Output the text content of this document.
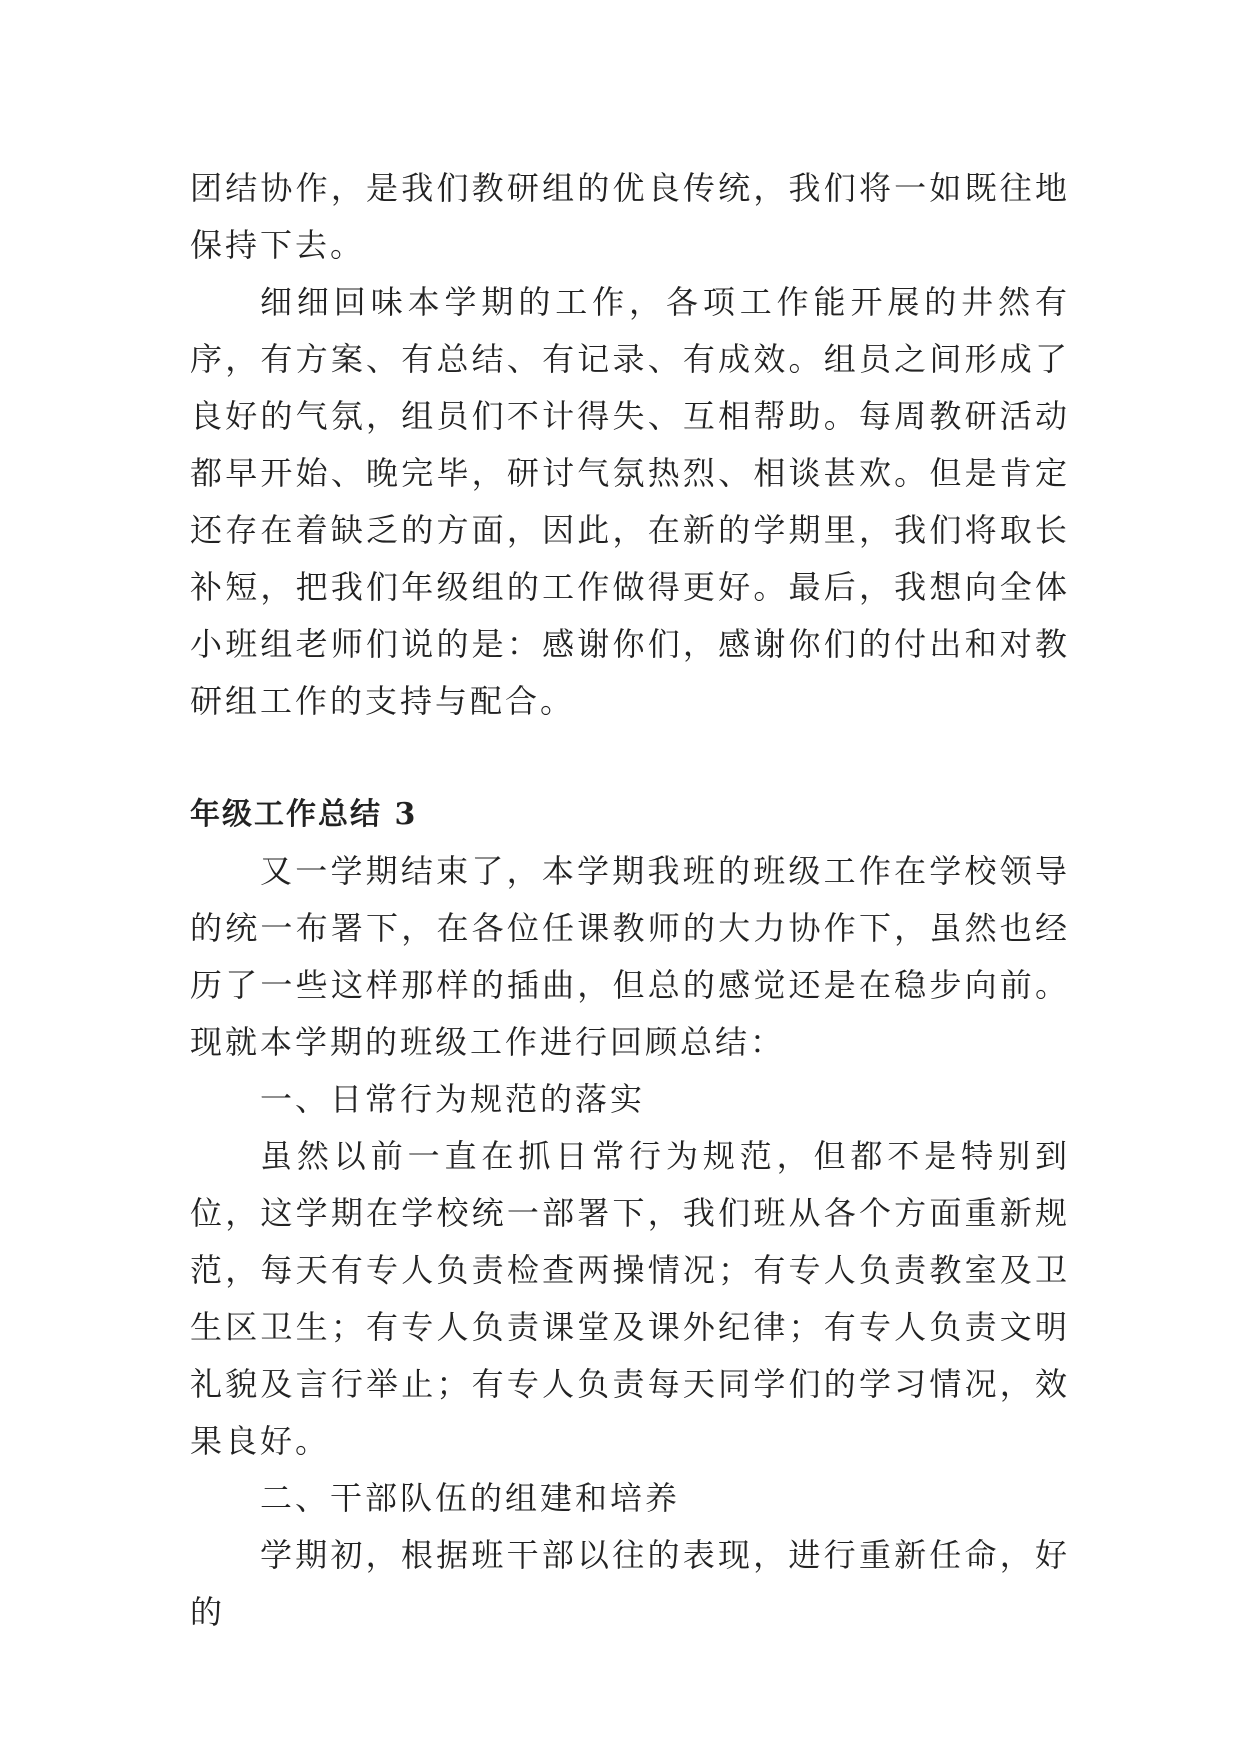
团结协作，是我们教研组的优良传统，我们将一如既往地保持下去。

细细回味本学期的工作，各项工作能开展的井然有序，有方案、有总结、有记录、有成效。组员之间形成了良好的气氛，组员们不计得失、互相帮助。每周教研活动都早开始、晚完毕，研讨气氛热烈、相谈甚欢。但是肯定还存在着缺乏的方面，因此，在新的学期里，我们将取长补短，把我们年级组的工作做得更好。最后，我想向全体小班组老师们说的是：感谢你们，感谢你们的付出和对教研组工作的支持与配合。

年级工作总结 3

又一学期结束了，本学期我班的班级工作在学校领导的统一布署下，在各位任课教师的大力协作下，虽然也经历了一些这样那样的插曲，但总的感觉还是在稳步向前。现就本学期的班级工作进行回顾总结：

一、日常行为规范的落实

虽然以前一直在抓日常行为规范，但都不是特别到位，这学期在学校统一部署下，我们班从各个方面重新规范，每天有专人负责检查两操情况；有专人负责教室及卫生区卫生；有专人负责课堂及课外纪律；有专人负责文明礼貌及言行举止；有专人负责每天同学们的学习情况，效果良好。

二、干部队伍的组建和培养

学期初，根据班干部以往的表现，进行重新任命，好的
